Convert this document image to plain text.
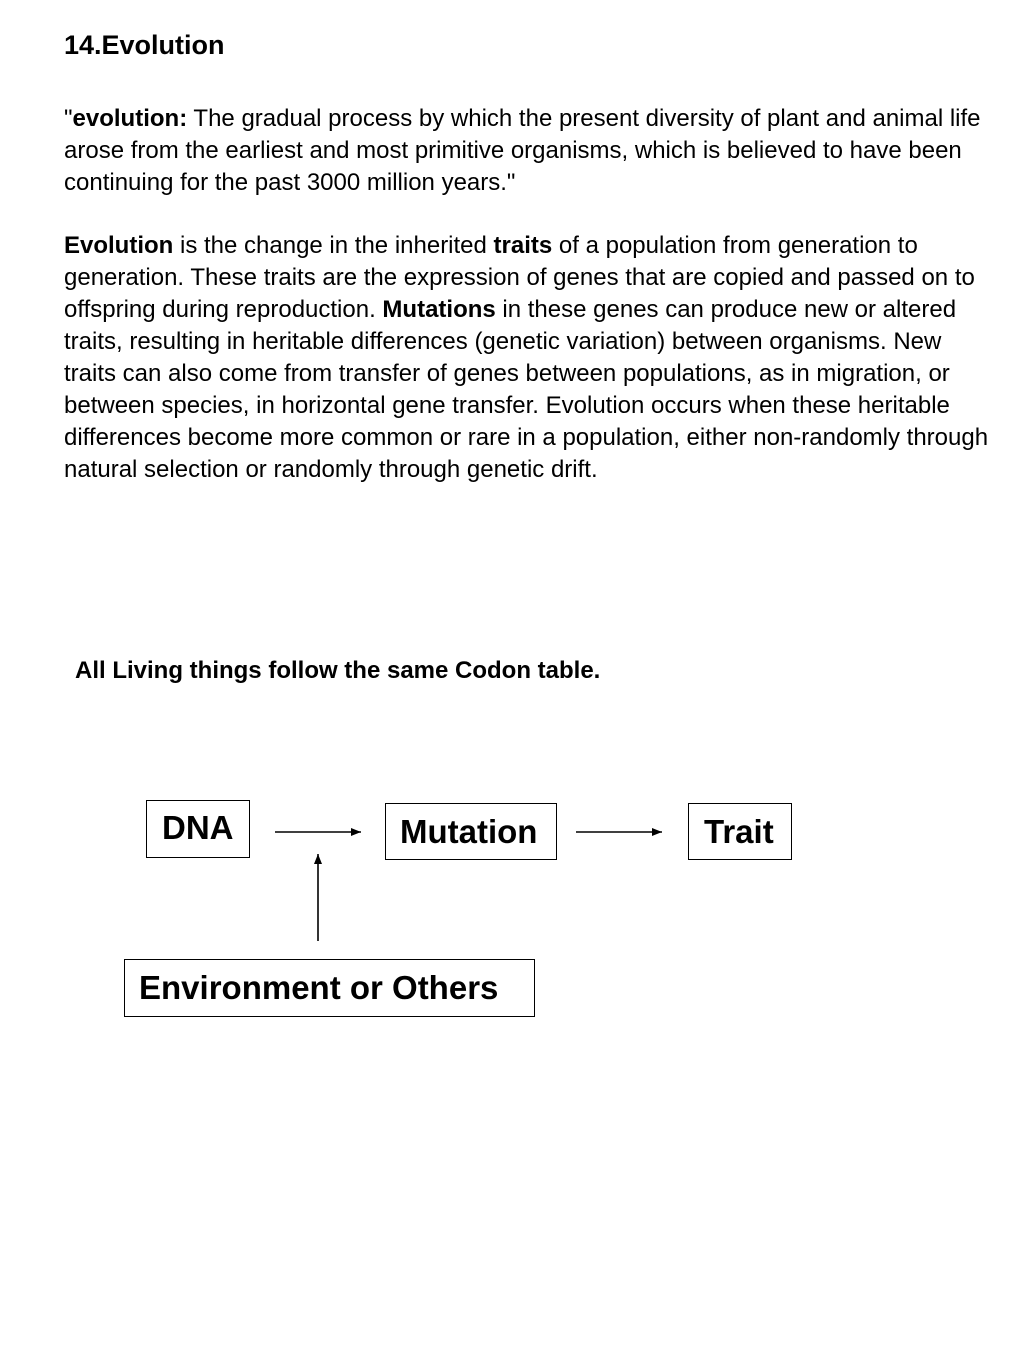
14.Evolution

"evolution: The gradual process by which the present diversity of plant and animal life arose from the earliest and most primitive organisms, which is believed to have been continuing for the past 3000 million years."

Evolution is the change in the inherited traits of a population from generation to generation. These traits are the expression of genes that are copied and passed on to offspring during reproduction. Mutations in these genes can produce new or altered traits, resulting in heritable differences (genetic variation) between organisms. New traits can also come from transfer of genes between populations, as in migration, or between species, in horizontal gene transfer. Evolution occurs when these heritable differences become more common or rare in a population, either non-randomly through natural selection or randomly through genetic drift.

All Living things follow the same Codon table.

DNA	Mutation	Trait
Environment or Others
